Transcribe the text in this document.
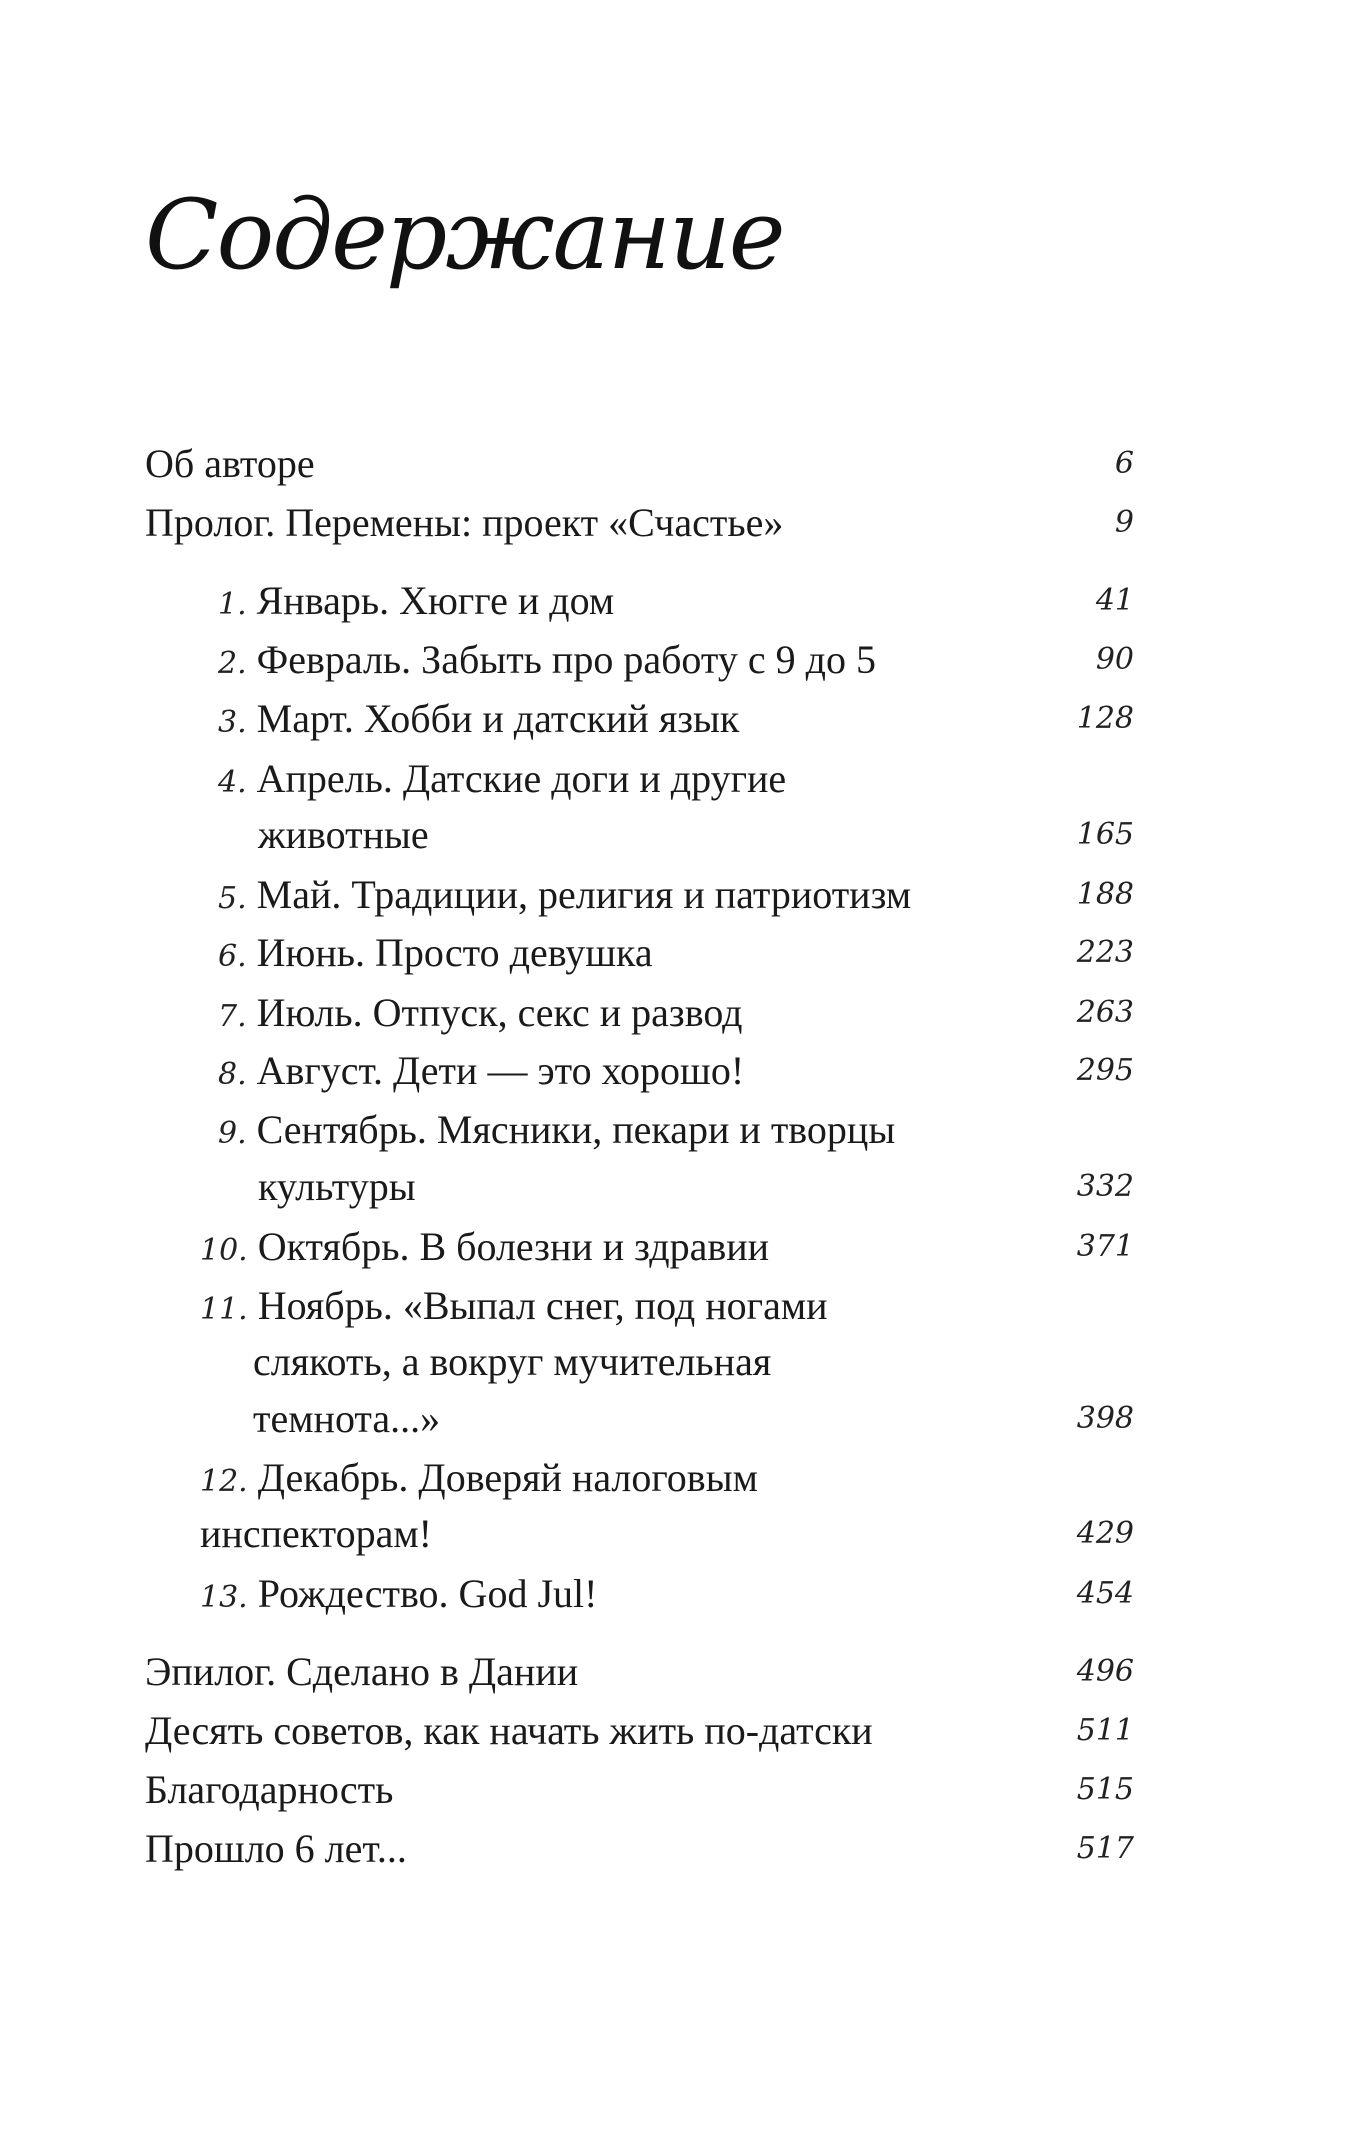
Содержание
Об авторе	6
Пролог. Перемены: проект «Счастье»	9
1. Январь. Хюгге и дом	41
2. Февраль. Забыть про работу с 9 до 5	90
3. Март. Хобби и датский язык	128
4. Апрель. Датские доги и другие
животные	165
5. Май. Традиции, религия и патриотизм	188
6. Июнь. Просто девушка	223
7. Июль. Отпуск, секс и развод	263
8. Август. Дети — это хорошо!	295
9. Сентябрь. Мясники, пекари и творцы
культуры	332
10. Октябрь. В болезни и здравии	371
11. Ноябрь. «Выпал снег, под ногами
слякоть, а вокруг мучительная
темнота...»	398
12. Декабрь. Доверяй налоговым
инспекторам!	429
13. Рождество. God Jul!	454
Эпилог. Сделано в Дании	496
Десять советов, как начать жить по-датски	511
Благодарность	515
Прошло 6 лет...	517
